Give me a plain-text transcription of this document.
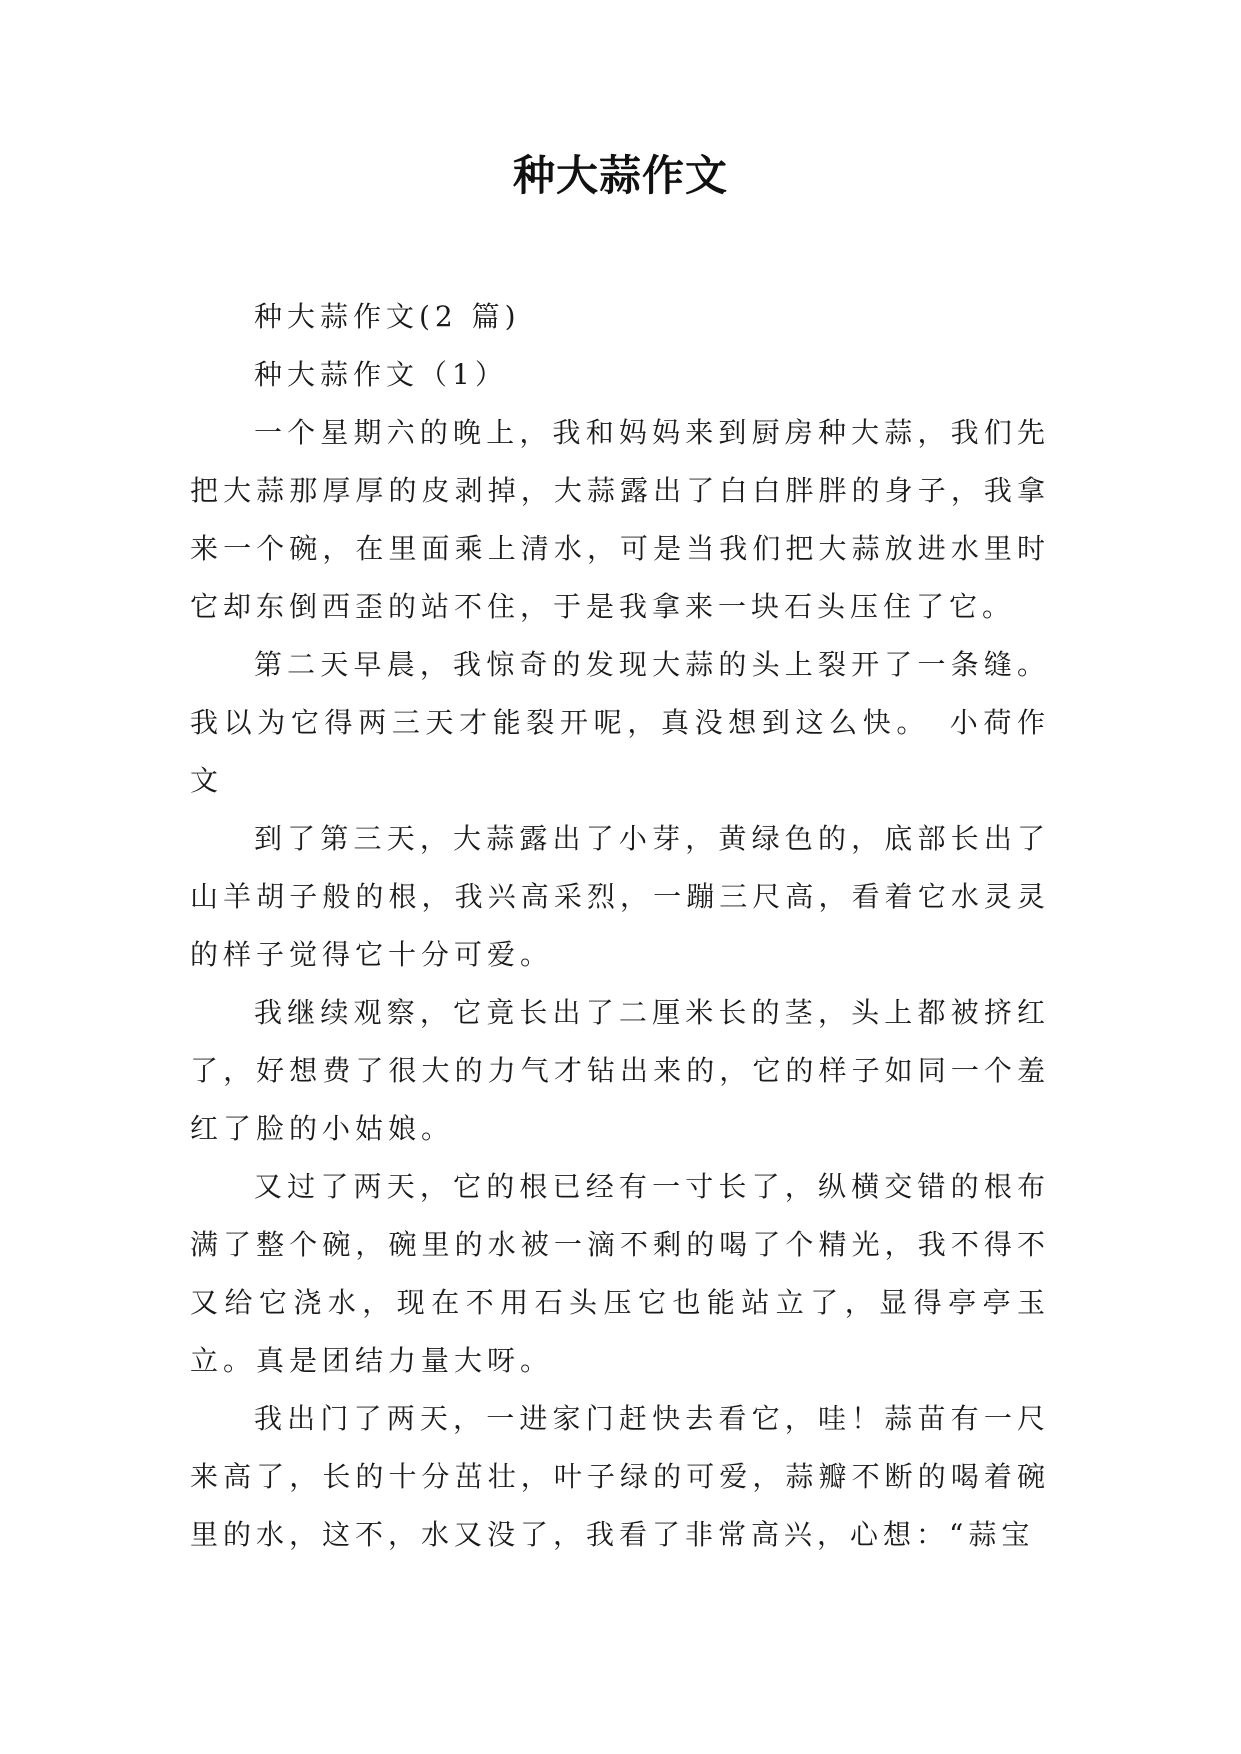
种大蒜作文

种大蒜作文(2 篇)

种大蒜作文（1）

一个星期六的晚上，我和妈妈来到厨房种大蒜，我们先把大蒜那厚厚的皮剥掉，大蒜露出了白白胖胖的身子，我拿来一个碗，在里面乘上清水，可是当我们把大蒜放进水里时它却东倒西歪的站不住，于是我拿来一块石头压住了它。

第二天早晨，我惊奇的发现大蒜的头上裂开了一条缝。我以为它得两三天才能裂开呢，真没想到这么快。　小荷作文

到了第三天，大蒜露出了小芽，黄绿色的，底部长出了山羊胡子般的根，我兴高采烈，一蹦三尺高，看着它水灵灵的样子觉得它十分可爱。

我继续观察，它竟长出了二厘米长的茎，头上都被挤红了，好想费了很大的力气才钻出来的，它的样子如同一个羞红了脸的小姑娘。

又过了两天，它的根已经有一寸长了，纵横交错的根布满了整个碗，碗里的水被一滴不剩的喝了个精光，我不得不又给它浇水，现在不用石头压它也能站立了，显得亭亭玉立。真是团结力量大呀。

我出门了两天，一进家门赶快去看它，哇！蒜苗有一尺来高了，长的十分茁壮，叶子绿的可爱，蒜瓣不断的喝着碗里的水，这不，水又没了，我看了非常高兴，心想：“蒜宝
